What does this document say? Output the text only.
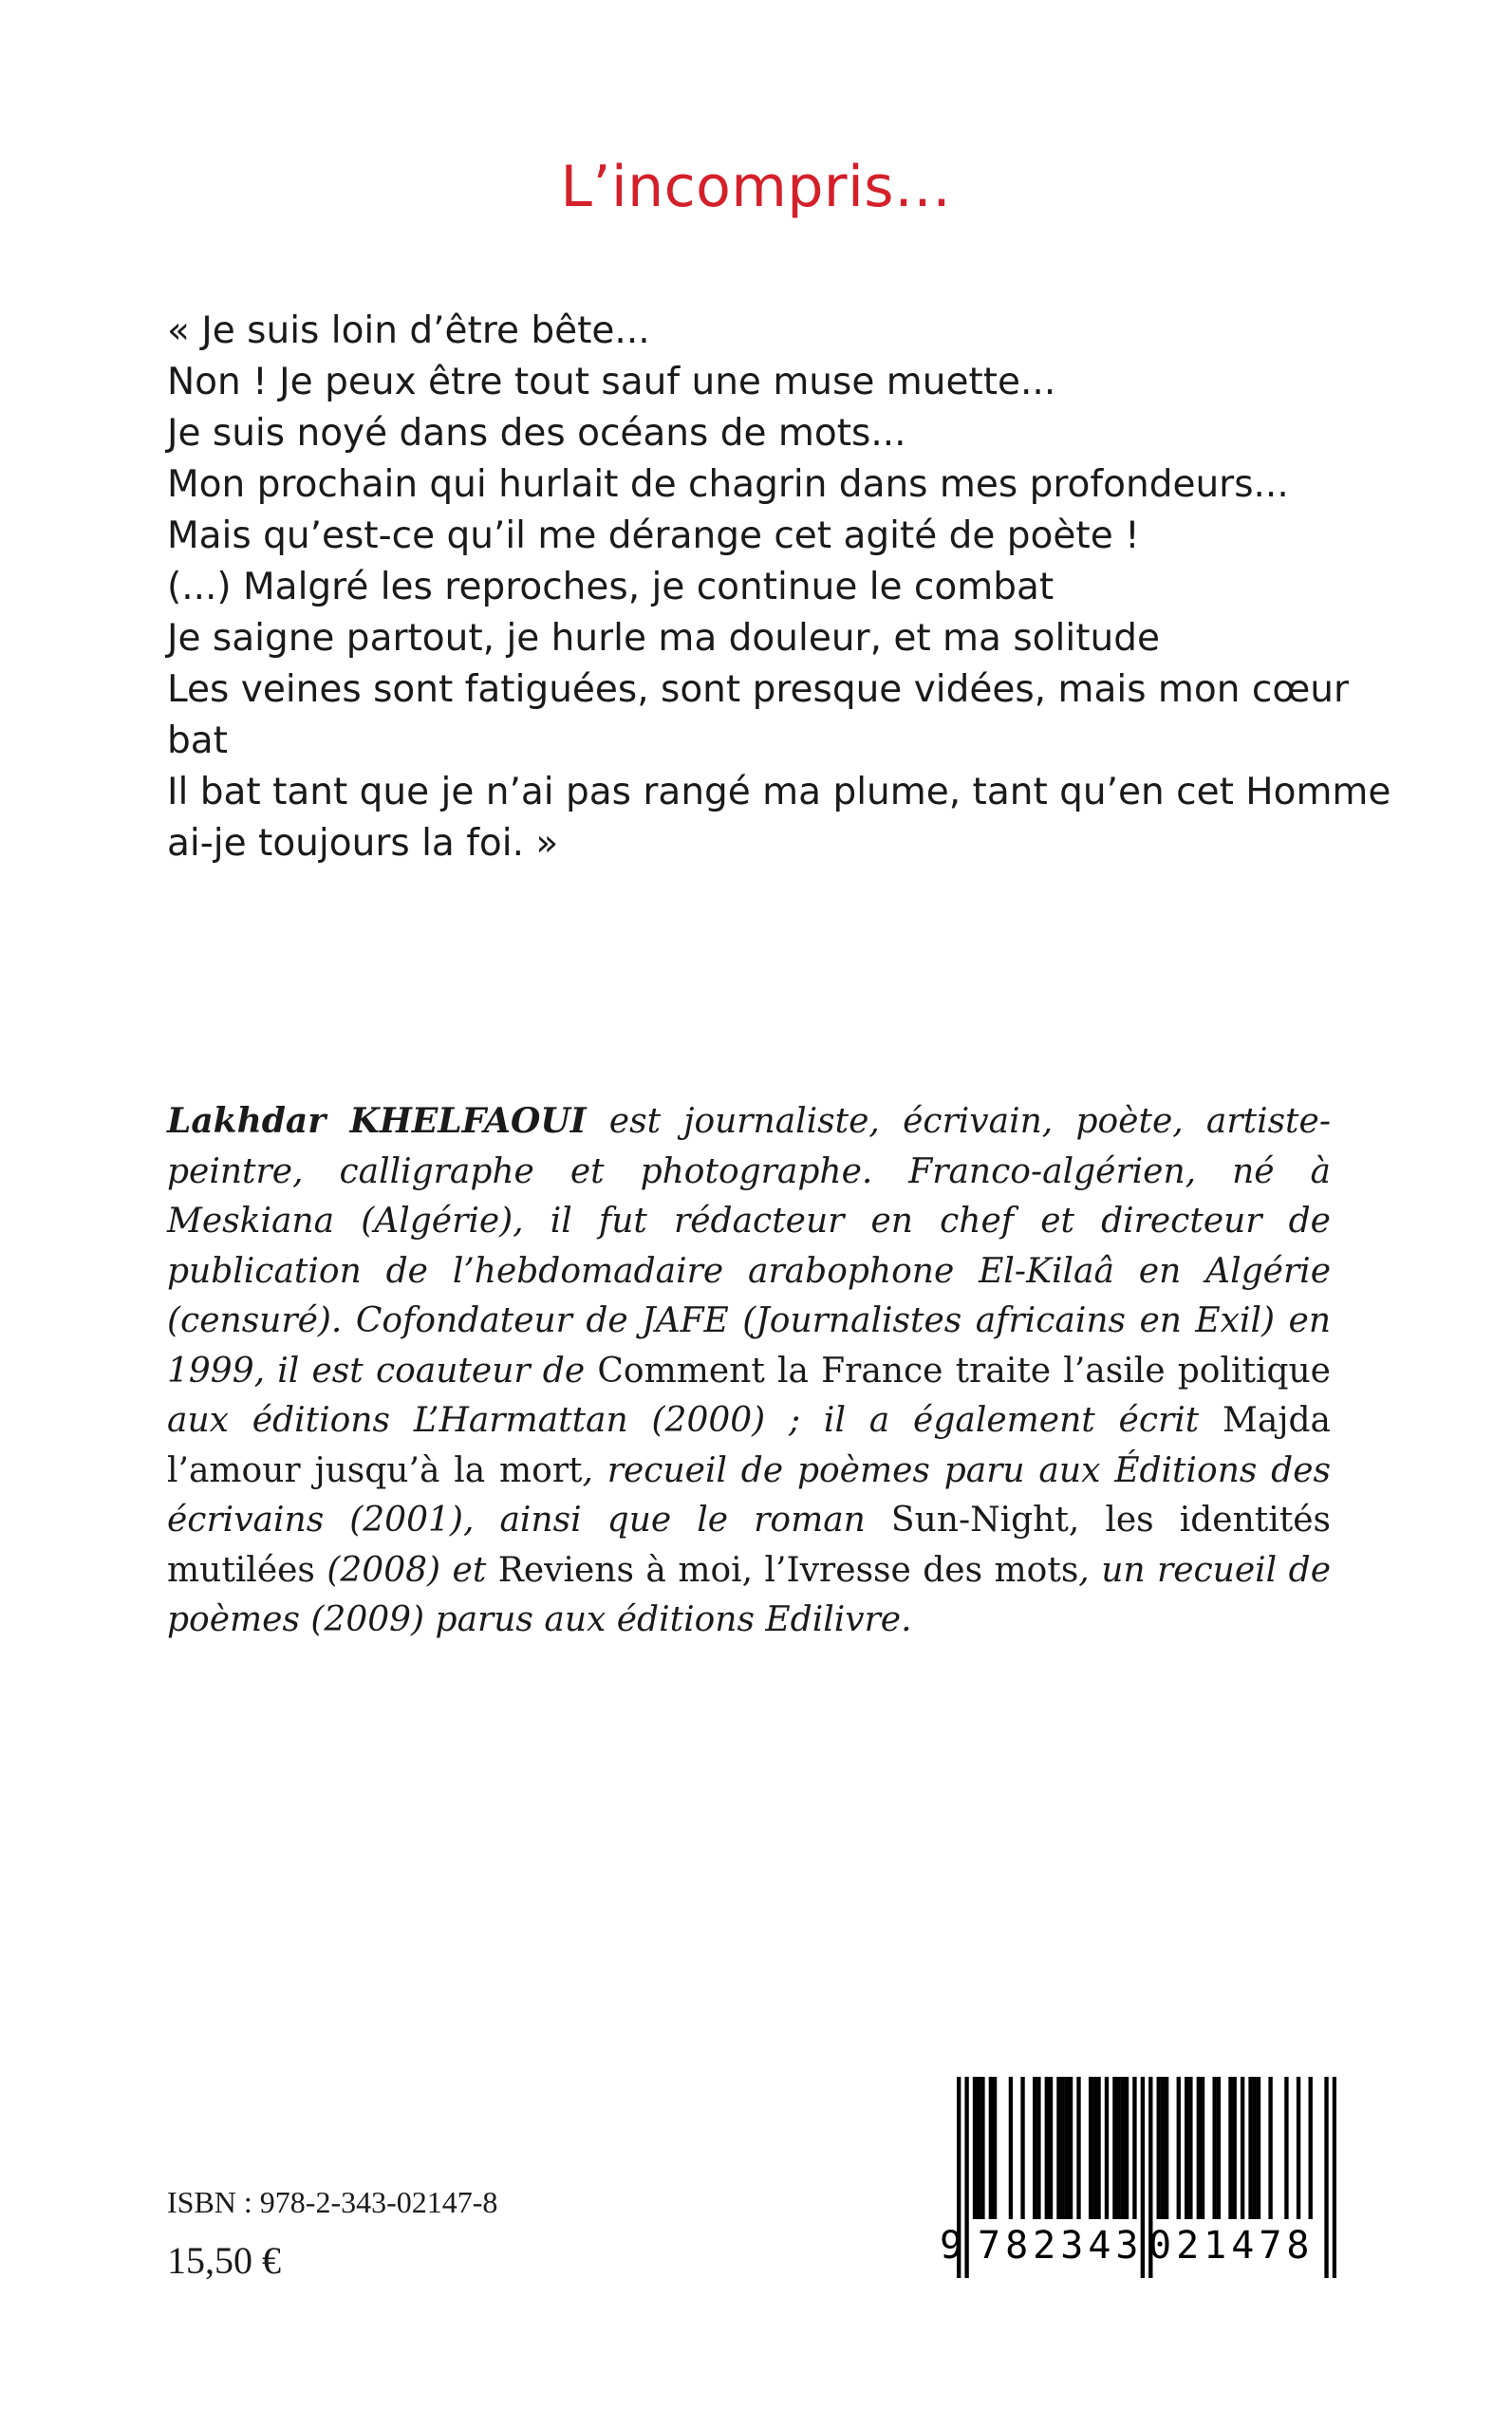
L’incompris…
« Je suis loin d’être bête...
Non ! Je peux être tout sauf une muse muette...
Je suis noyé dans des océans de mots...
Mon prochain qui hurlait de chagrin dans mes profondeurs...
Mais qu’est-ce qu’il me dérange cet agité de poète !
(...) Malgré les reproches, je continue le combat
Je saigne partout, je hurle ma douleur, et ma solitude
Les veines sont fatiguées, sont presque vidées, mais mon cœur
bat
Il bat tant que je n’ai pas rangé ma plume, tant qu’en cet Homme
ai-je toujours la foi. »
Lakhdar KHELFAOUI est journaliste, écrivain, poète, artiste-peintre, calligraphe et photographe. Franco-algérien, né à Meskiana (Algérie), il fut rédacteur en chef et directeur de publication de l’hebdomadaire arabophone El-Kilaâ en Algérie (censuré). Cofondateur de JAFE (Journalistes africains en Exil) en 1999, il est coauteur de Comment la France traite l’asile politique aux éditions L’Harmattan (2000) ; il a également écrit Majda l’amour jusqu’à la mort, recueil de poèmes paru aux Éditions des écrivains (2001), ainsi que le roman Sun-Night, les identités mutilées (2008) et Reviens à moi, l’Ivresse des mots, un recueil de poèmes (2009) parus aux éditions Edilivre.
ISBN : 978-2-343-02147-8
15,50 €	9 782343 021478
